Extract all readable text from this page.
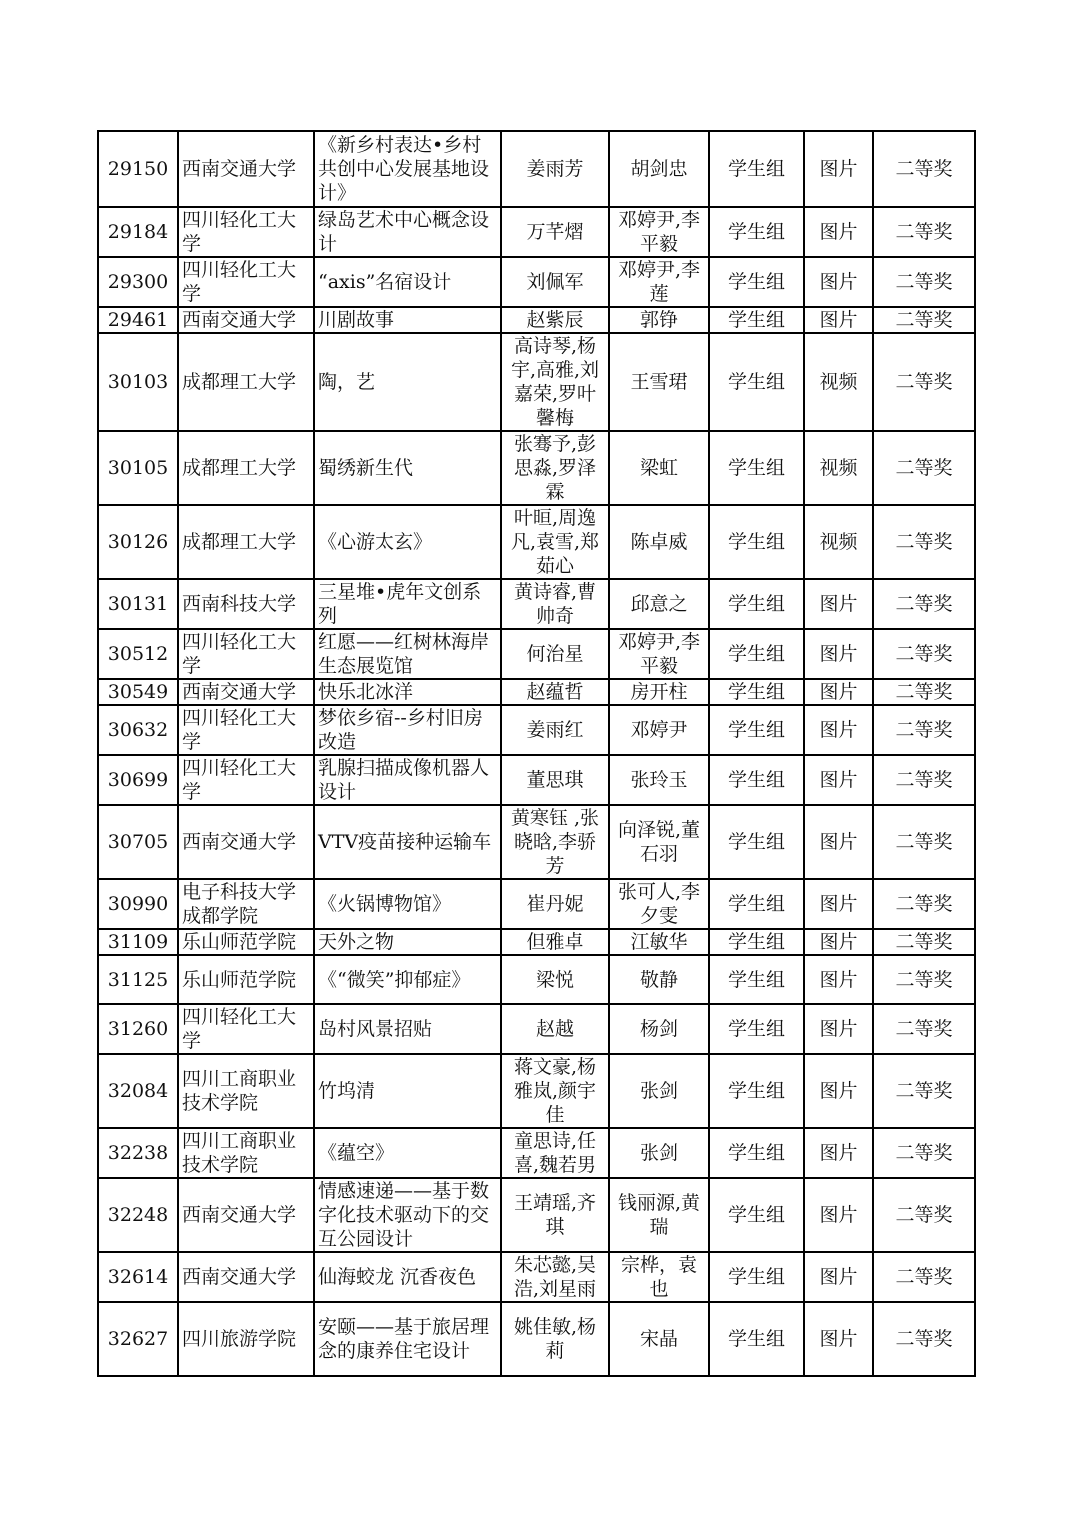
29150	西南交通大学	《新乡村表达•乡村共创中心发展基地设计》	姜雨芳	胡剑忠	学生组	图片	二等奖
29184	四川轻化工大学	绿岛艺术中心概念设计	万芊熠	邓婷尹,李平毅	学生组	图片	二等奖
29300	四川轻化工大学	“axis”名宿设计	刘佩军	邓婷尹,李莲	学生组	图片	二等奖
29461	西南交通大学	川剧故事	赵紫辰	郭铮	学生组	图片	二等奖
30103	成都理工大学	陶，艺	高诗琴,杨宇,高雅,刘嘉荣,罗叶馨梅	王雪珺	学生组	视频	二等奖
30105	成都理工大学	蜀绣新生代	张骞予,彭思淼,罗泽霖	梁虹	学生组	视频	二等奖
30126	成都理工大学	《心游太玄》	叶晅,周逸凡,袁雪,郑茹心	陈卓威	学生组	视频	二等奖
30131	西南科技大学	三星堆•虎年文创系列	黄诗睿,曹帅奇	邱意之	学生组	图片	二等奖
30512	四川轻化工大学	红愿——红树林海岸生态展览馆	何治星	邓婷尹,李平毅	学生组	图片	二等奖
30549	西南交通大学	快乐北冰洋	赵蕴哲	房开柱	学生组	图片	二等奖
30632	四川轻化工大学	梦依乡宿--乡村旧房改造	姜雨红	邓婷尹	学生组	图片	二等奖
30699	四川轻化工大学	乳腺扫描成像机器人设计	董思琪	张玲玉	学生组	图片	二等奖
30705	西南交通大学	VTV疫苗接种运输车	黄寒钰 ,张晓晗,李骄芳	向泽锐,董石羽	学生组	图片	二等奖
30990	电子科技大学成都学院	《火锅博物馆》	崔丹妮	张可人,李夕雯	学生组	图片	二等奖
31109	乐山师范学院	天外之物	但雅卓	江敏华	学生组	图片	二等奖
31125	乐山师范学院	《“微笑”抑郁症》	梁悦	敬静	学生组	图片	二等奖
31260	四川轻化工大学	岛村风景招贴	赵越	杨剑	学生组	图片	二等奖
32084	四川工商职业技术学院	竹坞清	蒋文豪,杨雅岚,颜宇佳	张剑	学生组	图片	二等奖
32238	四川工商职业技术学院	《蕴空》	童思诗,任喜,魏若男	张剑	学生组	图片	二等奖
32248	西南交通大学	情感速递——基于数字化技术驱动下的交互公园设计	王靖瑶,齐琪	钱丽源,黄瑞	学生组	图片	二等奖
32614	西南交通大学	仙海蛟龙 沉香夜色	朱芯懿,吴浩,刘星雨	宗桦，袁也	学生组	图片	二等奖
32627	四川旅游学院	安颐——基于旅居理念的康养住宅设计	姚佳敏,杨莉	宋晶	学生组	图片	二等奖
